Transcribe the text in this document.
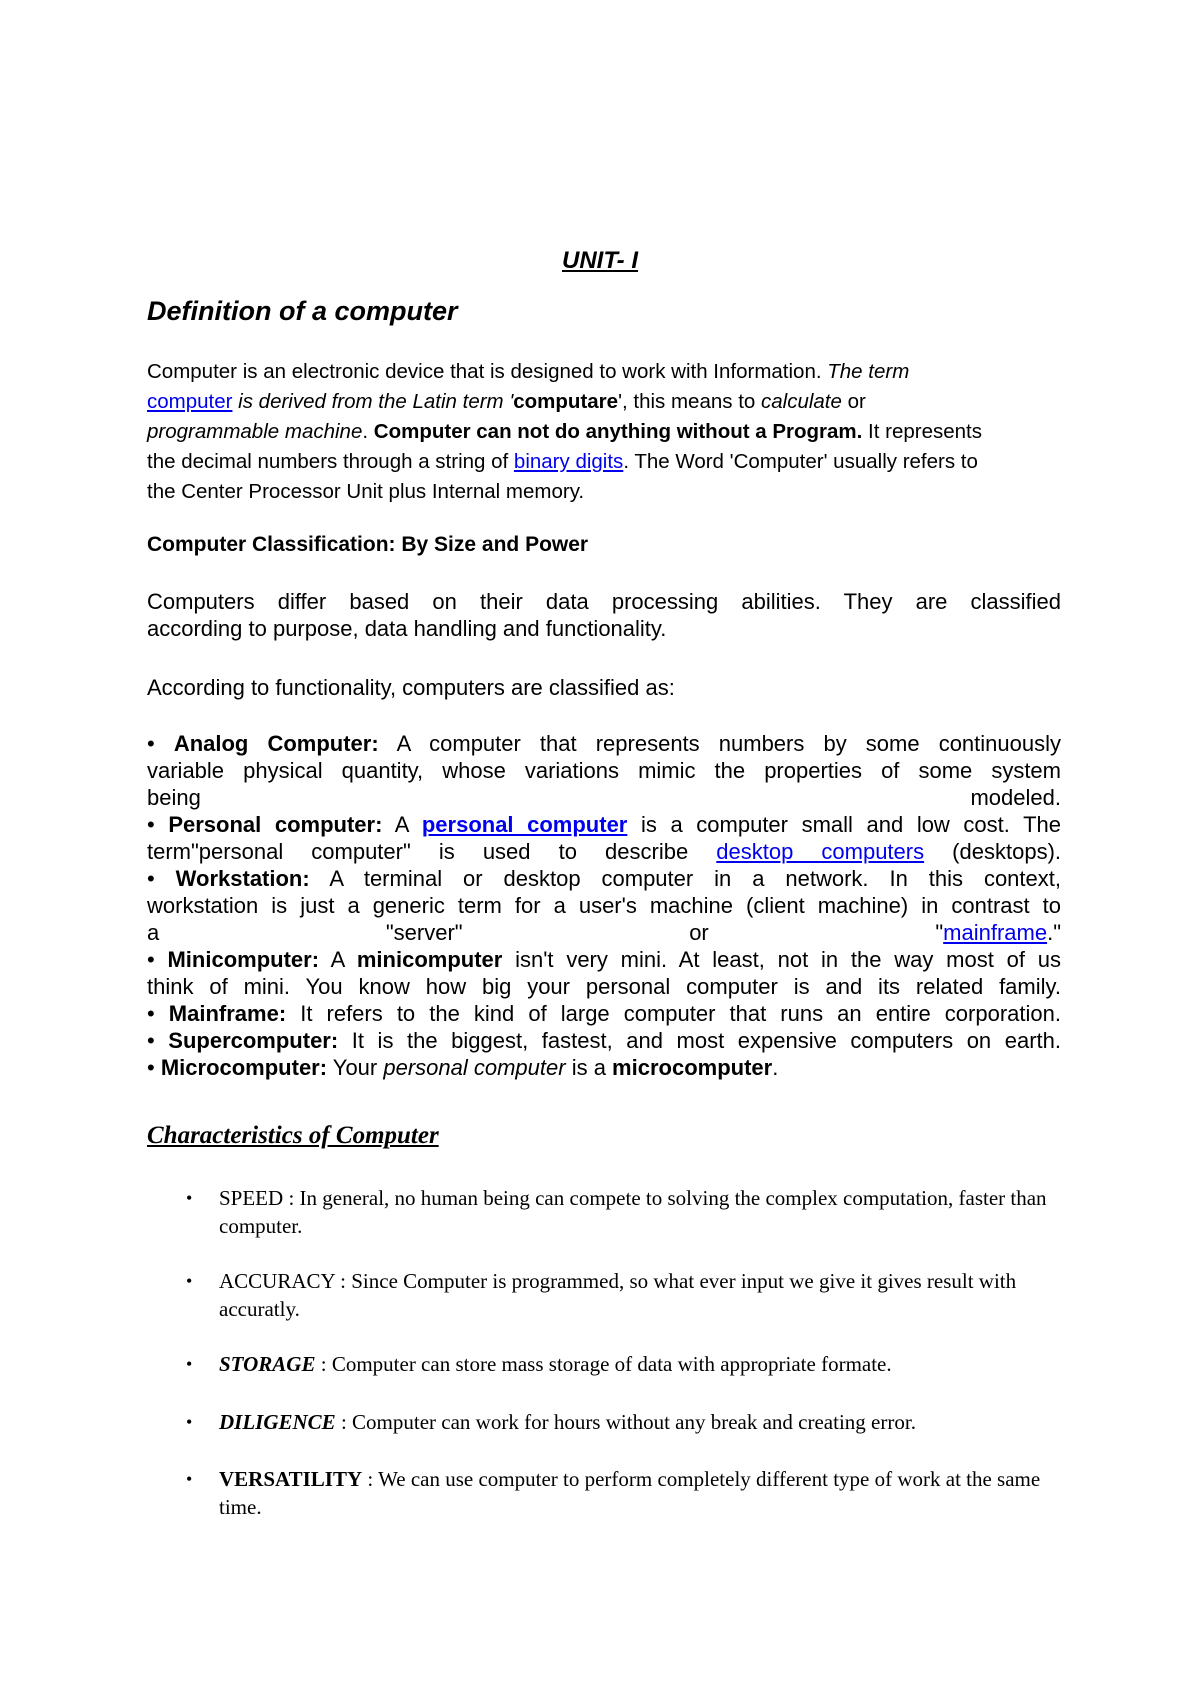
UNIT- I
Definition of a computer

Computer is an electronic device that is designed to work with Information. The term

computer is derived from the Latin term 'computare', this means to calculate or

programmable machine. Computer can not do anything without a Program. It represents

the decimal numbers through a string of binary digits. The Word 'Computer' usually refers to

the Center Processor Unit plus Internal memory.

Computer Classification: By Size and Power
Computers differ based on their data processing abilities. They are classified
according to purpose, data handling and functionality.
According to functionality, computers are classified as:
• Analog Computer: A computer that represents numbers by some continuously
variable physical quantity, whose variations mimic the properties of some system
being	modeled.
• Personal computer: A personal computer is a computer small and low cost. The
term"personal computer" is used to describe desktop computers (desktops).
• Workstation: A terminal or desktop computer in a network. In this context,
workstation is just a generic term for a user's machine (client machine) in contrast to
a	"server"	or	"mainframe."
• Minicomputer: A minicomputer isn't very mini. At least, not in the way most of us
think of mini. You know how big your personal computer is and its related family.
• Mainframe: It refers to the kind of large computer that runs an entire corporation.
• Supercomputer: It is the biggest, fastest, and most expensive computers on earth.
• Microcomputer: Your personal computer is a microcomputer.
Characteristics of Computer
• SPEED : In general, no human being can compete to solving the complex computation, faster than computer.
• ACCURACY : Since Computer is programmed, so what ever input we give it gives result with accuratly.
• STORAGE : Computer can store mass storage of data with appropriate formate.
• DILIGENCE : Computer can work for hours without any break and creating error.
• VERSATILITY : We can use computer to perform completely different type of work at the same time.
